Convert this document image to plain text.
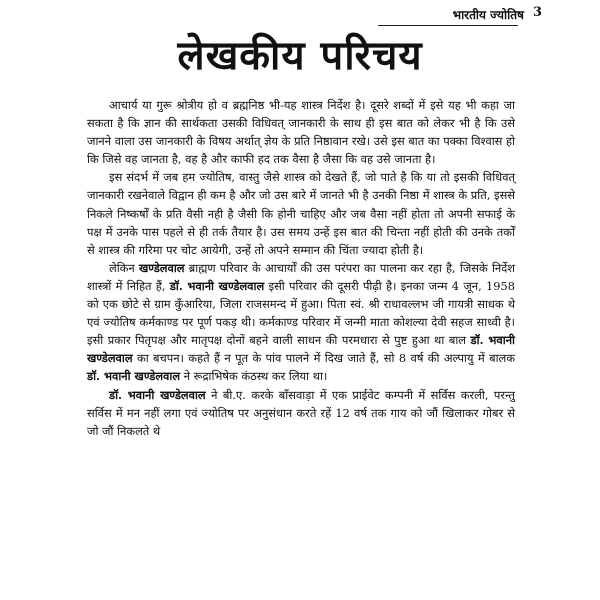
भारतीय ज्योतिष 3
लेखकीय परिचय

आचार्य या गुरू श्रोत्रीय हो व ब्रह्मनिष्ठ भी-यह शास्त्र निर्देश है। दूसरे शब्दों में इसे यह भी कहा जा सकता है कि ज्ञान की सार्थकता उसकी विधिवत् जानकारी के साथ ही इस बात को लेकर भी है कि उसे जानने वाला उस जानकारी के विषय अर्थात् ज्ञेय के प्रति निष्ठावान रखे। उसे इस बात का पक्का विश्वास हो कि जिसे वह जानता है, वह है और काफी हद तक वैसा है जैसा कि वह उसे जानता है।

इस संदर्भ में जब हम ज्योतिष, वास्तु जैसे शास्त्र को देखते हैं, जो पाते है कि या तो इसकी विधिवत् जानकारी रखनेवाले विद्वान ही कम है और जो उस बारे में जानते भी है उनकी निष्ठा में शास्त्र के प्रति, इससे निकले निष्कर्षों के प्रति वैसी नही है जैसी कि होनी चाहिए और जब वैसा नहीं होता तो अपनी सफाई के पक्ष में उनके पास पहले से ही तर्क तैयार है। उस समय उन्हें इस बात की चिन्ता नहीं होती की उनके तर्कों से शास्त्र की गरिमा पर चोट आयेगी, उन्हें तो अपने सम्मान की चिंता ज्यादा होती है।

लेकिन खण्डेलवाल ब्राह्मण परिवार के आचार्यों की उस परंपरा का पालना कर रहा है, जिसके निर्देश शास्त्रों में निहित हैं, डॉ. भवानी खण्डेलवाल इसी परिवार की दूसरी पीढ़ी है। इनका जन्म 4 जून, 1958 को एक छोटे से ग्राम कुँआरिया, जिला राजसमन्द में हुआ। पिता स्वं. श्री राधावल्लभ जी गायत्री साधक थे एवं ज्योतिष कर्मकाण्ड पर पूर्ण पकड़ थी। कर्मकाण्ड परिवार में जन्मी माता कोशल्या देवी सहज साध्वी है। इसी प्रकार पितृपक्ष और मातृपक्ष दोनों बहने वाली साधन की परमधारा से पुष्ट हुआ था बाल डॉ. भवानी खण्डेलवाल का बचपन। कहते हैं न पूत के पांव पालने में दिख जाते हैं, सो 8 वर्ष की अल्पायु में बालक डॉ. भवानी खण्डेलवाल ने रूद्राभिषेक कंठस्थ कर लिया था।

डॉ. भवानी खण्डेलवाल ने बी.ए. करके बाँसवाड़ा में एक प्राईवेट कम्पनी में सर्विस करली, परन्तु सर्विस में मन नहीं लगा एवं ज्योतिष पर अनुसंधान करते रहें 12 वर्ष तक गाय को जौं खिलाकर गोबर से जो जौं निकलते थे
